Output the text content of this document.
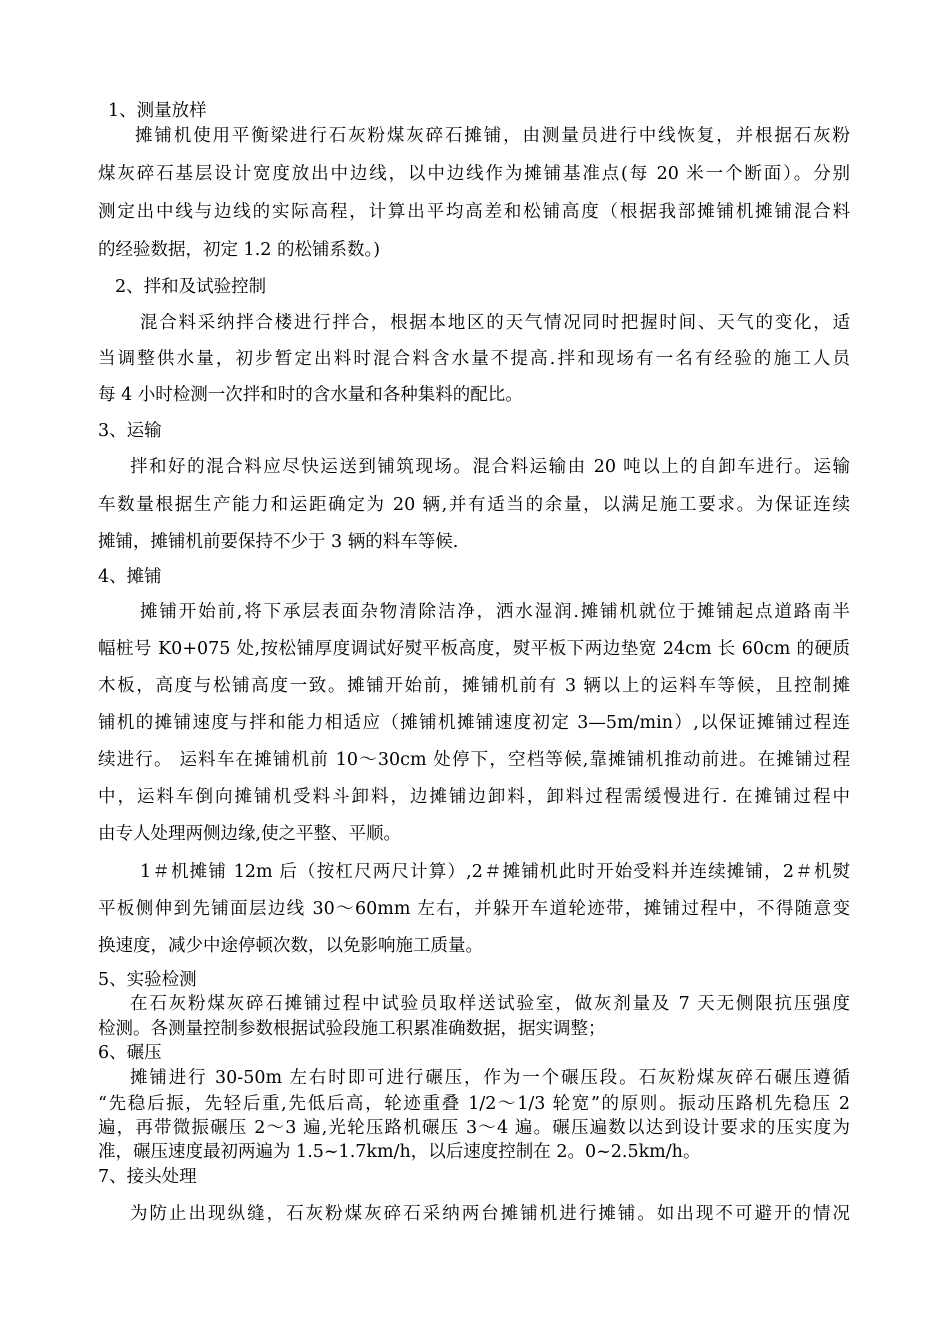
1、测量放样
摊铺机使用平衡梁进行石灰粉煤灰碎石摊铺，由测量员进行中线恢复，并根据石灰粉
煤灰碎石基层设计宽度放出中边线，以中边线作为摊铺基准点(每 20 米一个断面）。分别
测定出中线与边线的实际高程，计算出平均高差和松铺高度（根据我部摊铺机摊铺混合料
的经验数据，初定 1.2 的松铺系数。)
2、拌和及试验控制
混合料采纳拌合楼进行拌合，根据本地区的天气情况同时把握时间、天气的变化，适
当调整供水量，初步暂定出料时混合料含水量不提高.拌和现场有一名有经验的施工人员
每 4 小时检测一次拌和时的含水量和各种集料的配比。
3、运输
拌和好的混合料应尽快运送到铺筑现场。混合料运输由 20 吨以上的自卸车进行。运输
车数量根据生产能力和运距确定为 20 辆,并有适当的余量，以满足施工要求。为保证连续
摊铺，摊铺机前要保持不少于 3 辆的料车等候.
4、摊铺
摊铺开始前,将下承层表面杂物清除洁净，洒水湿润.摊铺机就位于摊铺起点道路南半
幅桩号 K0+075 处,按松铺厚度调试好熨平板高度，熨平板下两边垫宽 24cm 长 60cm 的硬质
木板，高度与松铺高度一致。摊铺开始前，摊铺机前有 3 辆以上的运料车等候，且控制摊
铺机的摊铺速度与拌和能力相适应（摊铺机摊铺速度初定 3—5m/min）,以保证摊铺过程连
续进行。 运料车在摊铺机前 10～30cm 处停下，空档等候,靠摊铺机推动前进。在摊铺过程
中，运料车倒向摊铺机受料斗卸料，边摊铺边卸料，卸料过程需缓慢进行. 在摊铺过程中
由专人处理两侧边缘,使之平整、平顺。
1＃机摊铺 12m 后（按杠尺两尺计算）,2＃摊铺机此时开始受料并连续摊铺，2＃机熨
平板侧伸到先铺面层边线 30～60mm 左右，并躲开车道轮迹带，摊铺过程中，不得随意变
换速度，减少中途停顿次数，以免影响施工质量。
5、实验检测
在石灰粉煤灰碎石摊铺过程中试验员取样送试验室，做灰剂量及 7 天无侧限抗压强度
检测。各测量控制参数根据试验段施工积累准确数据，据实调整；
6、碾压
摊铺进行 30-50m 左右时即可进行碾压，作为一个碾压段。石灰粉煤灰碎石碾压遵循
“先稳后振，先轻后重,先低后高，轮迹重叠 1/2～1/3 轮宽”的原则。振动压路机先稳压 2
遍，再带微振碾压 2～3 遍,光轮压路机碾压 3～4 遍。碾压遍数以达到设计要求的压实度为
准，碾压速度最初两遍为 1.5~1.7km/h，以后速度控制在 2。0~2.5km/h。
7、接头处理
为防止出现纵缝，石灰粉煤灰碎石采纳两台摊铺机进行摊铺。如出现不可避开的情况
